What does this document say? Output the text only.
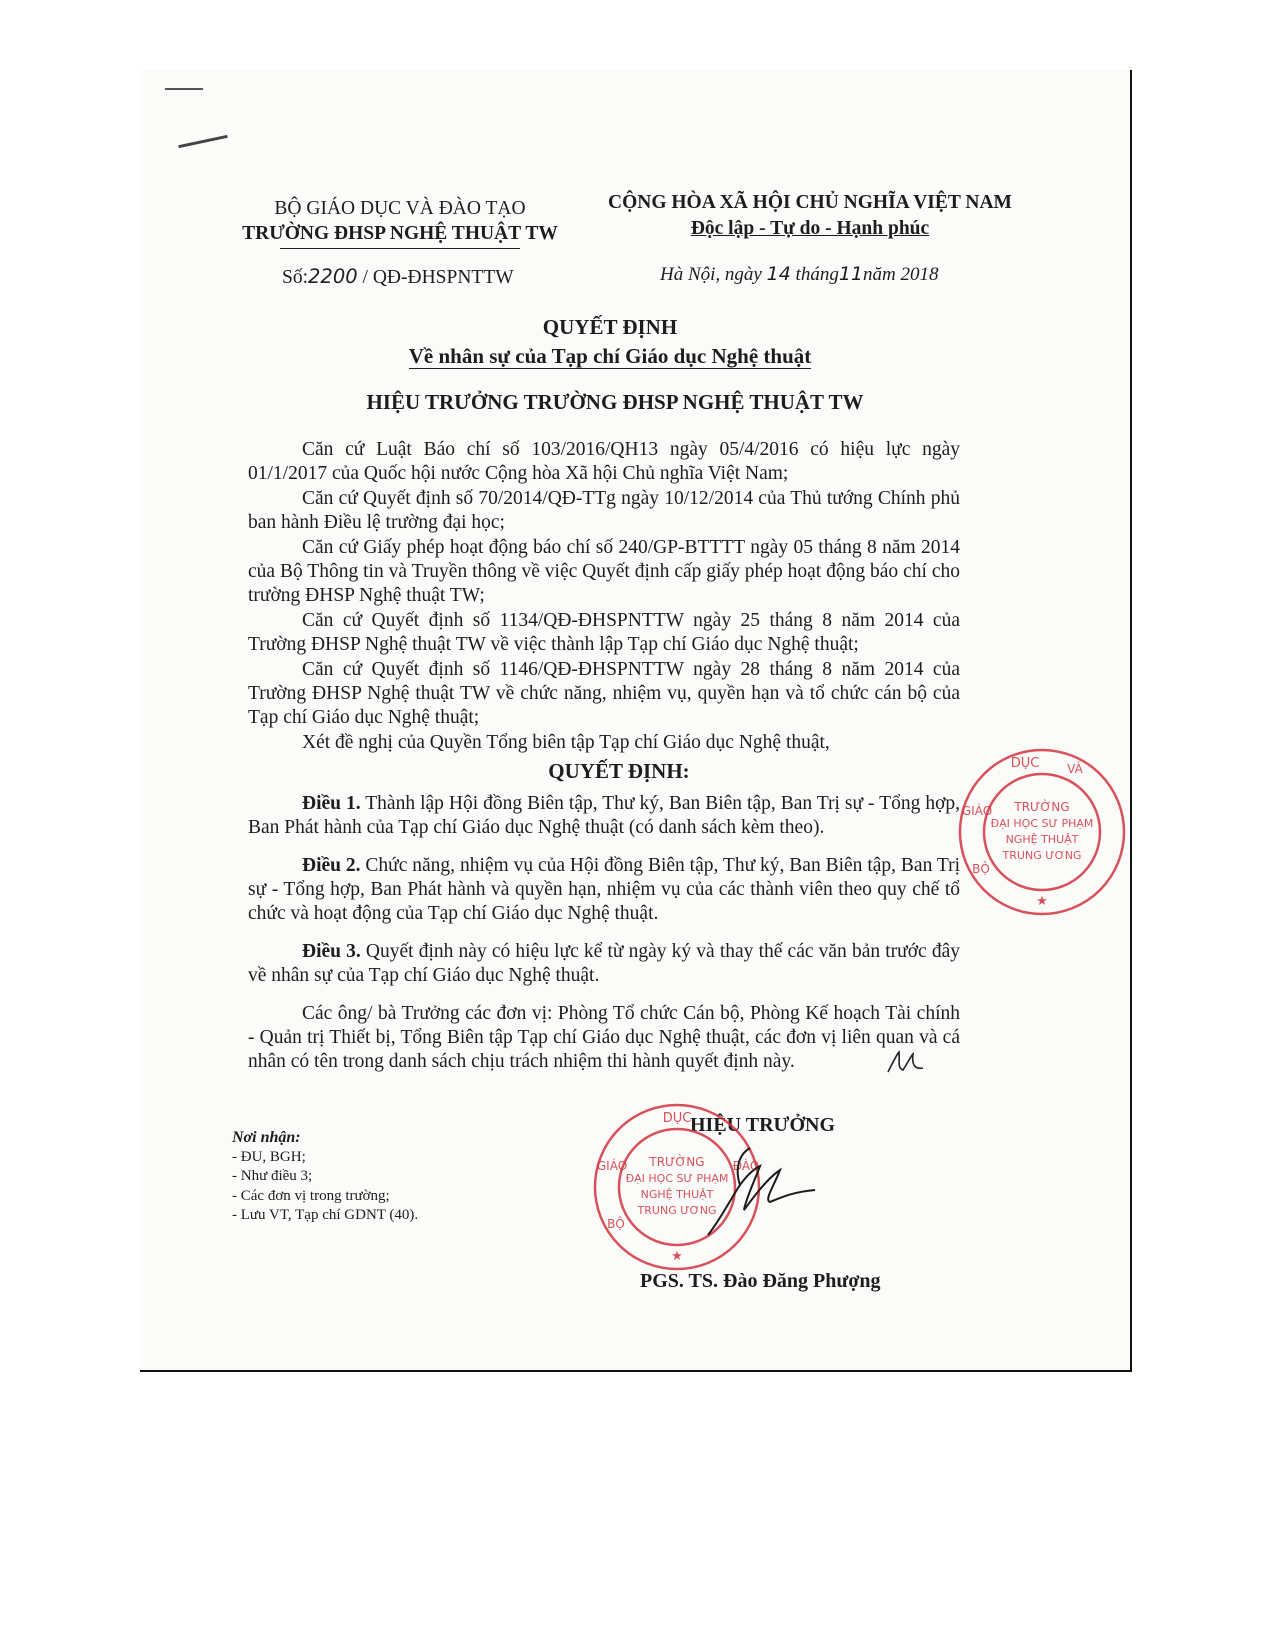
BỘ GIÁO DỤC VÀ ĐÀO TẠO
TRƯỜNG ĐHSP NGHỆ THUẬT TW
CỘNG HÒA XÃ HỘI CHỦ NGHĨA VIỆT NAM
Độc lập - Tự do - Hạnh phúc
Số:2200 / QĐ-ĐHSPNTTW	Hà Nội, ngày 14 tháng11năm 2018
QUYẾT ĐỊNH
Về nhân sự của Tạp chí Giáo dục Nghệ thuật
HIỆU TRƯỞNG TRƯỜNG ĐHSP NGHỆ THUẬT TW

Căn cứ Luật Báo chí số 103/2016/QH13 ngày 05/4/2016 có hiệu lực ngày 01/1/2017 của Quốc hội nước Cộng hòa Xã hội Chủ nghĩa Việt Nam;

Căn cứ Quyết định số 70/2014/QĐ-TTg ngày 10/12/2014 của Thủ tướng Chính phủ ban hành Điều lệ trường đại học;

Căn cứ Giấy phép hoạt động báo chí số 240/GP-BTTTT ngày 05 tháng 8 năm 2014 của Bộ Thông tin và Truyền thông về việc Quyết định cấp giấy phép hoạt động báo chí cho trường ĐHSP Nghệ thuật TW;

Căn cứ Quyết định số 1134/QĐ-ĐHSPNTTW ngày 25 tháng 8 năm 2014 của Trường ĐHSP Nghệ thuật TW về việc thành lập Tạp chí Giáo dục Nghệ thuật;

Căn cứ Quyết định số 1146/QĐ-ĐHSPNTTW ngày 28 tháng 8 năm 2014 của Trường ĐHSP Nghệ thuật TW về chức năng, nhiệm vụ, quyền hạn và tổ chức cán bộ của Tạp chí Giáo dục Nghệ thuật;

Xét đề nghị của Quyền Tổng biên tập Tạp chí Giáo dục Nghệ thuật,

QUYẾT ĐỊNH:

Điều 1. Thành lập Hội đồng Biên tập, Thư ký, Ban Biên tập, Ban Trị sự - Tổng hợp, Ban Phát hành của Tạp chí Giáo dục Nghệ thuật (có danh sách kèm theo).

Điều 2. Chức năng, nhiệm vụ của Hội đồng Biên tập, Thư ký, Ban Biên tập, Ban Trị sự - Tổng hợp, Ban Phát hành và quyền hạn, nhiệm vụ của các thành viên theo quy chế tổ chức và hoạt động của Tạp chí Giáo dục Nghệ thuật.

Điều 3. Quyết định này có hiệu lực kể từ ngày ký và thay thế các văn bản trước đây về nhân sự của Tạp chí Giáo dục Nghệ thuật.

Các ông/ bà Trưởng các đơn vị: Phòng Tổ chức Cán bộ, Phòng Kế hoạch Tài chính - Quản trị Thiết bị, Tổng Biên tập Tạp chí Giáo dục Nghệ thuật, các đơn vị liên quan và cá nhân có tên trong danh sách chịu trách nhiệm thi hành quyết định này.

Nơi nhận:
- ĐU, BGH;
- Như điều 3;
- Các đơn vị trong trường;
- Lưu VT, Tạp chí GDNT (40).
HIỆU TRƯỞNG
TRƯỜNG
ĐẠI HỌC SƯ PHẠM
NGHỆ THUẬT
TRUNG ƯƠNG
DỤC
GIÁO
BỘ
ĐÀO
★
PGS. TS. Đào Đăng Phượng
TRƯỜNG
ĐẠI HỌC SƯ PHẠM
NGHỆ THUẬT
TRUNG ƯƠNG
DỤC VÀ
GIÁO
BỘ
★
